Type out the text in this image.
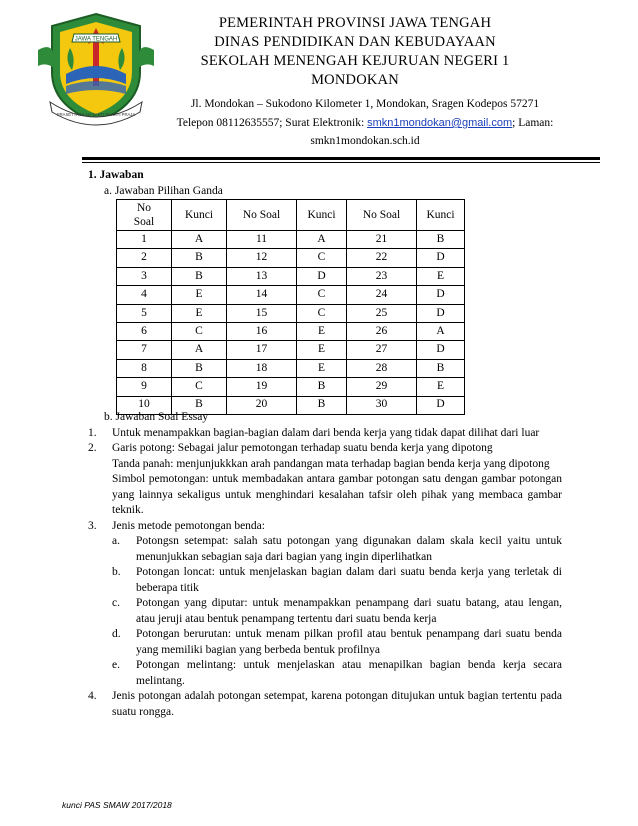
JAWA TENGAH
PRASETYA ULAH SAKTI BHAKTI PRAJA
PEMERINTAH PROVINSI JAWA TENGAH
DINAS PENDIDIKAN DAN KEBUDAYAAN
SEKOLAH MENENGAH KEJURUAN NEGERI 1
MONDOKAN
Jl. Mondokan – Sukodono Kilometer 1, Mondokan, Sragen Kodepos 57271
Telepon 08112635557; Surat Elektronik: smkn1mondokan@gmail.com; Laman:
smkn1mondokan.sch.id
1. Jawaban
a. Jawaban Pilihan Ganda
No
Soal	Kunci	No Soal	Kunci	No Soal	Kunci
1	A	11	A	21	B
2	B	12	C	22	D
3	B	13	D	23	E
4	E	14	C	24	D
5	E	15	C	25	D
6	C	16	E	26	A
7	A	17	E	27	D
8	B	18	E	28	B
9	C	19	B	29	E
10	B	20	B	30	D
b. Jawaban Soal Essay
1. Untuk menampakkan bagian-bagian dalam dari benda kerja yang tidak dapat dilihat dari luar
2. Garis potong: Sebagai jalur pemotongan terhadap suatu benda kerja yang dipotong
Tanda panah: menjunjukkkan arah pandangan mata terhadap bagian benda kerja yang dipotong
Simbol pemotongan: untuk membadakan antara gambar potongan satu dengan gambar potongan yang lainnya sekaligus untuk menghindari kesalahan tafsir oleh pihak yang membaca gambar teknik.
3. Jenis metode pemotongan benda:
a. Potongsn setempat: salah satu potongan yang digunakan dalam skala kecil yaitu untuk menunjukkan sebagian saja dari bagian yang ingin diperlihatkan
b. Potongan loncat: untuk menjelaskan bagian dalam dari suatu benda kerja yang terletak di beberapa titik
c. Potongan yang diputar: untuk menampakkan penampang dari suatu batang, atau lengan, atau jeruji atau bentuk penampang tertentu dari suatu benda kerja
d. Potongan berurutan: untuk menam pilkan profil atau bentuk penampang dari suatu benda yang memiliki bagian yang berbeda bentuk profilnya
e. Potongan melintang: untuk menjelaskan atau menapilkan bagian benda kerja secara melintang.
4. Jenis potongan adalah potongan setempat, karena potongan ditujukan untuk bagian tertentu pada suatu rongga.
kunci PAS SMAW 2017/2018
